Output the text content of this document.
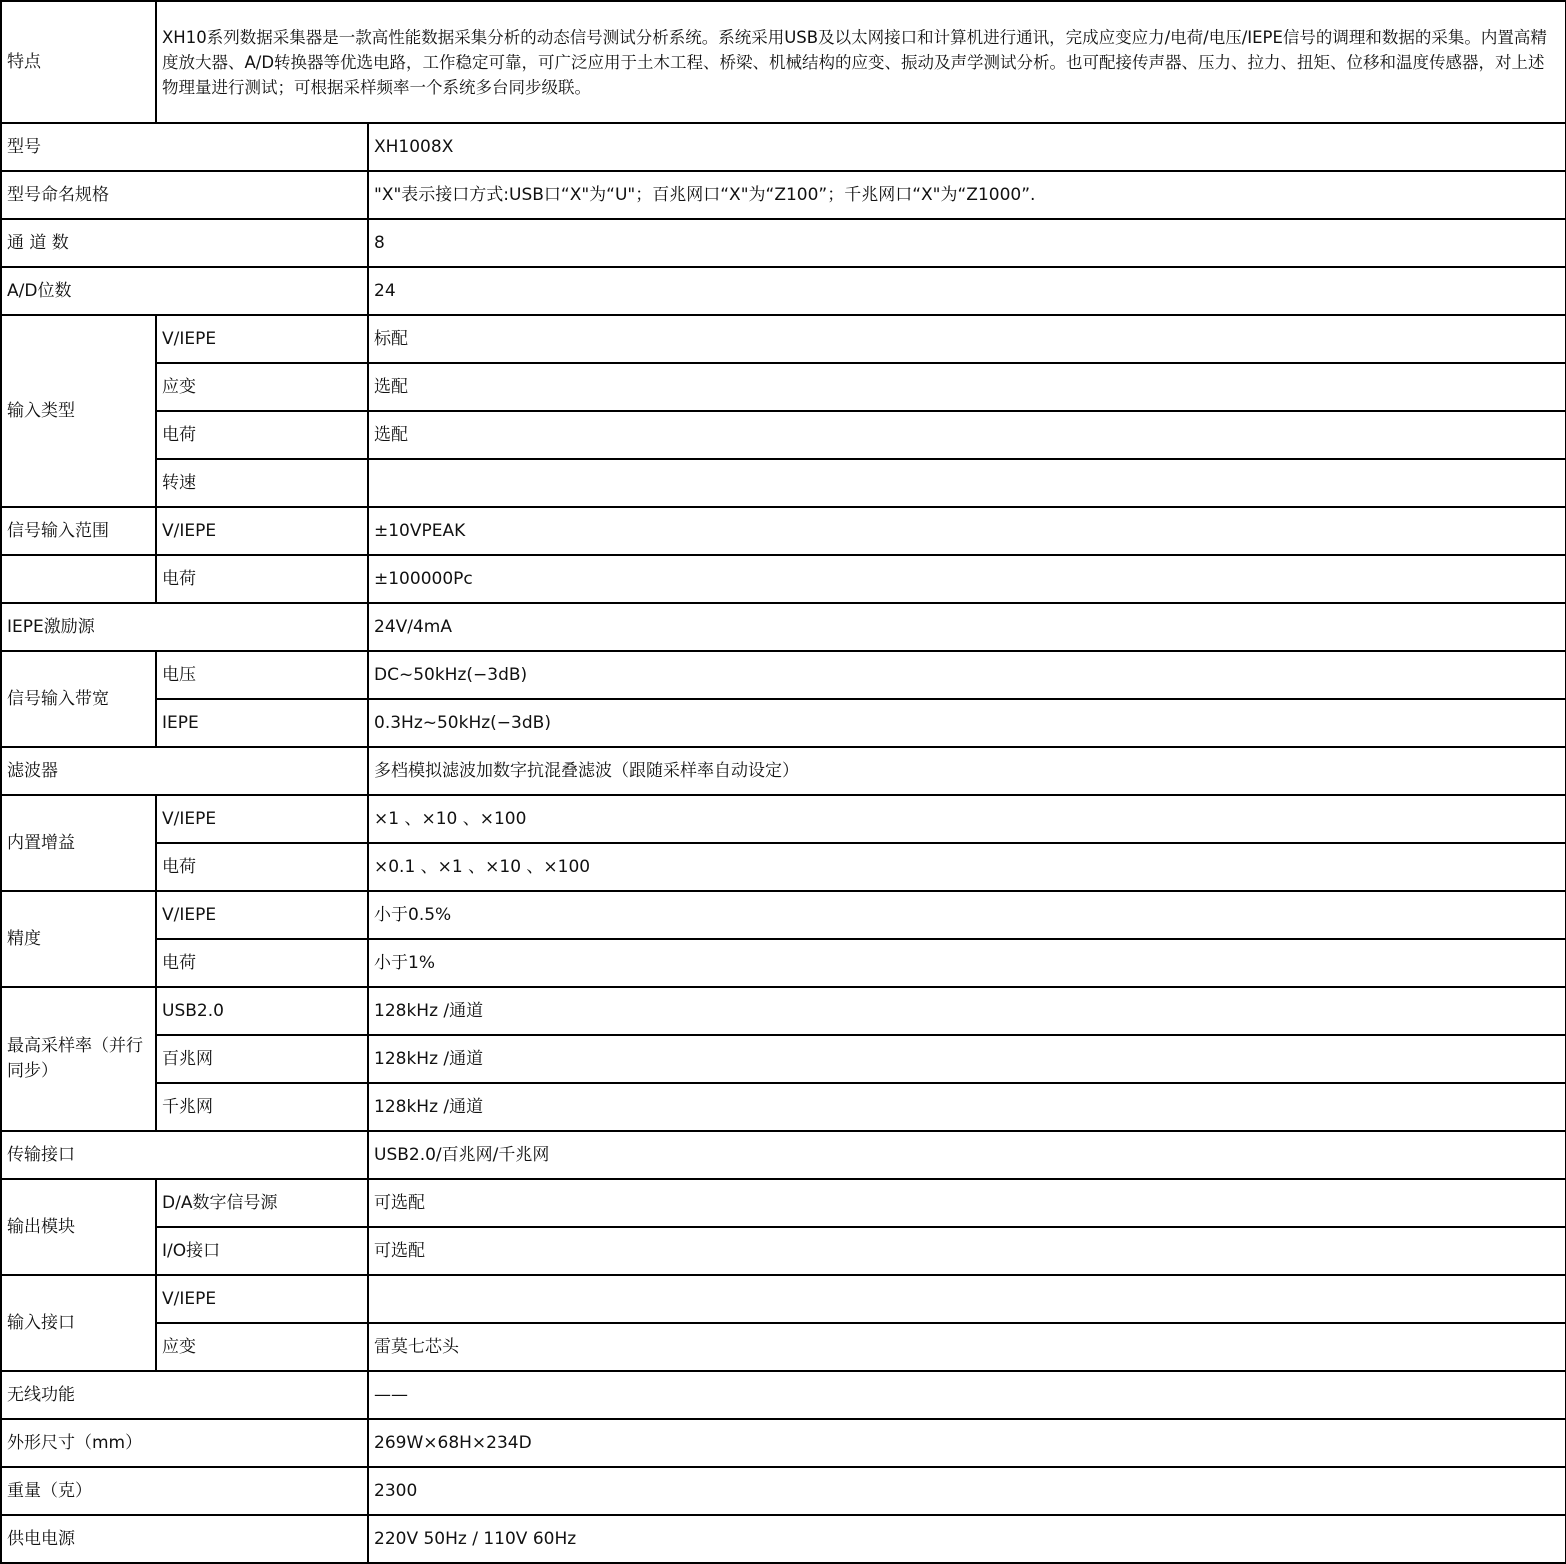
特点	XH10系列数据采集器是一款高性能数据采集分析的动态信号测试分析系统。系统采用USB及以太网接口和计算机进行通讯，完成应变应力/电荷/电压/IEPE信号的调理和数据的采集。内置高精度放大器、A/D转换器等优选电路，工作稳定可靠，可广泛应用于土木工程、桥梁、机械结构的应变、振动及声学测试分析。也可配接传声器、压力、拉力、扭矩、位移和温度传感器，对上述物理量进行测试；可根据采样频率一个系统多台同步级联。	
型号		XH1008X
型号命名规格		"X"表示接口方式:USB口“X"为“U"；百兆网口“X"为“Z100”；千兆网口“X"为“Z1000”.
通 道 数		8
A/D位数		24
输入类型	V/IEPE	标配
	应变	选配
	电荷	选配
	转速	
信号输入范围	V/IEPE	±10VPEAK
	电荷	±100000Pc
IEPE激励源		24V/4mA
信号输入带宽	电压	DC~50kHz(−3dB)
	IEPE	0.3Hz~50kHz(−3dB)
滤波器		多档模拟滤波加数字抗混叠滤波（跟随采样率自动设定）
内置增益	V/IEPE	×1 、×10 、×100
	电荷	×0.1 、×1 、×10 、×100
精度	V/IEPE	小于0.5%
	电荷	小于1%
最高采样率（并行同步）	USB2.0	128kHz /通道
	百兆网	128kHz /通道
	千兆网	128kHz /通道
传输接口		USB2.0/百兆网/千兆网
输出模块	D/A数字信号源	可选配
	I/O接口	可选配
输入接口	V/IEPE	
	应变	雷莫七芯头
无线功能		——
外形尺寸（mm）		269W×68H×234D
重量（克）		2300
供电电源		220V 50Hz / 110V 60Hz
